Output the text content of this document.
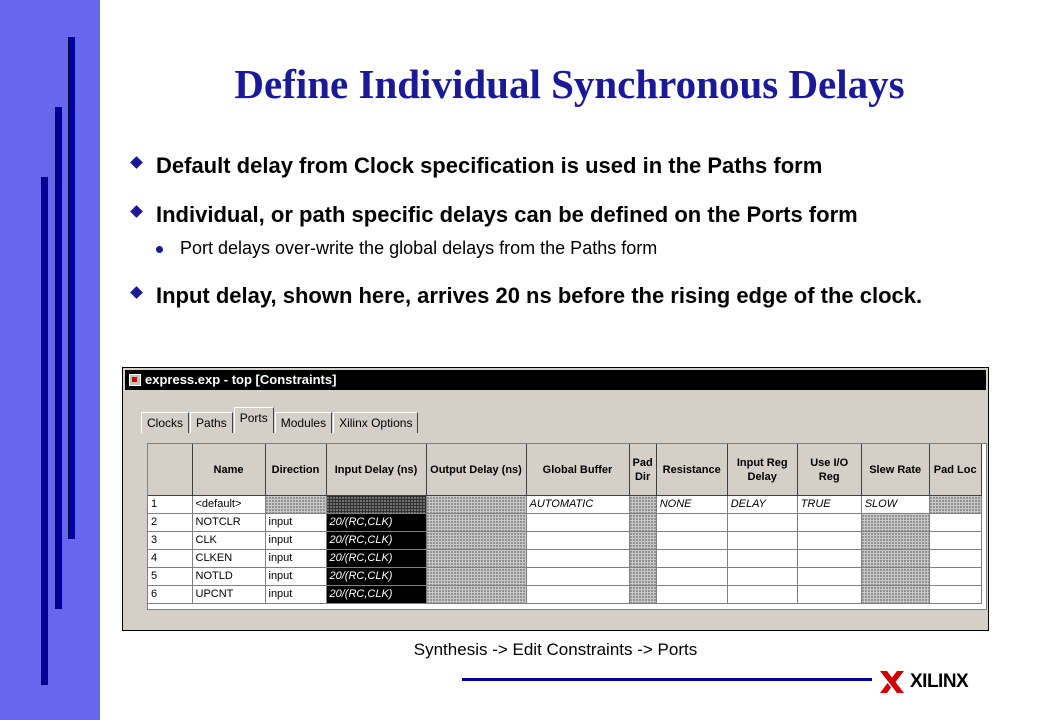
Define Individual Synchronous Delays
Default delay from Clock specification is used in the Paths form
Individual, or path specific delays can be defined on the Ports form
Port delays over-write the global delays from the Paths form
Input delay, shown here, arrives 20 ns before the rising edge of the clock.
express.exp - top [Constraints]
Clocks	Paths	Ports	Modules	Xilinx Options
	Name	Direction	Input Delay (ns)	Output Delay (ns)	Global Buffer	Pad Dir	Resistance	Input Reg Delay	Use I/O Reg	Slew Rate	Pad Loc
1	<default>				AUTOMATIC		NONE	DELAY	TRUE	SLOW	
2	NOTCLR	input	20/(RC,CLK)								
3	CLK	input	20/(RC,CLK)								
4	CLKEN	input	20/(RC,CLK)								
5	NOTLD	input	20/(RC,CLK)								
6	UPCNT	input	20/(RC,CLK)								
Synthesis -> Edit Constraints -> Ports
XILINX
